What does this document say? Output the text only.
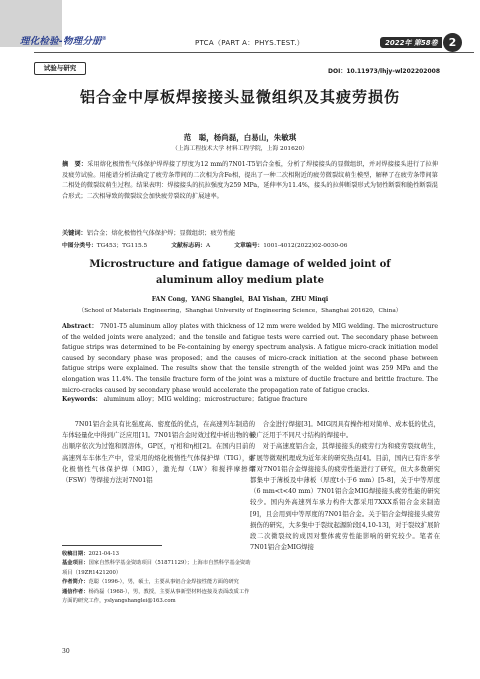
理化检验-物理分册®
PTCA（PART A：PHYS.TEST.）	2022年 第58卷	2
试验与研究	DOI：10.11973/lhjy-wl202202008
铝合金中厚板焊接接头显微组织及其疲劳损伤
范　聪，杨尚磊，白易山，朱敏琪
（上海工程技术大学 材料工程学院，上海 201620）
摘　要：采用熔化极惰性气体保护焊焊接了厚度为12 mm的7N01-T5铝合金板，分析了焊接接头的显微组织，并对焊接接头进行了拉伸及疲劳试验。用能谱分析法确定了疲劳条带间的二次相为含Fe相，提出了一种二次相附近的疲劳微裂纹萌生模型，解释了在疲劳条带间第二相处的微裂纹萌生过程。结果表明：焊接接头的抗拉强度为259 MPa，延伸率为11.4%，接头的拉伸断裂形式为韧性断裂和脆性断裂混合形式；二次相导致的微裂纹会加快疲劳裂纹的扩展速率。
关键词：铝合金；熔化极惰性气体保护焊；显微组织；疲劳性能
中图分类号：TG453；TG115.5	文献标志码：A	文章编号：1001-4012(2022)02-0030-06
Microstructure and fatigue damage of welded joint of aluminum alloy medium plate
FAN Cong，YANG Shanglei，BAI Yishan，ZHU Minqi
（School of Materials Engineering，Shanghai University of Engineering Science，Shanghai 201620，China）
Abstract： 7N01-T5 aluminum alloy plates with thickness of 12 mm were welded by MIG welding. The microstructure of the welded joints were analyzed；and the tensile and fatigue tests were carried out. The secondary phase between fatigue strips was determined to be Fe-containing by energy spectrum analysis. A fatigue micro-crack initiation model caused by secondary phase was proposed；and the causes of micro-crack initiation at the second phase between fatigue strips were explained. The results show that the tensile strength of the welded joint was 259 MPa and the elongation was 11.4%. The tensile fracture form of the joint was a mixture of ductile fracture and brittle fracture. The micro-cracks caused by secondary phase would accelerate the propagation rate of fatigue cracks.
Keywords： aluminum alloy；MIG welding；microstructure；fatigue fracture

7N01铝合金具有比强度高、密度低的优点，在高速列车制造的车体轻量化中得到广泛应用[1]。7N01铝合金时效过程中析出物的析出顺序依次为过饱和固溶体，GP区，η'相和η相[2]。在国内目前的高速列车车体生产中，常采用的熔化极惰性气体保护焊（TIG），熔化极惰性气体保护焊（MIG），激光焊（LW）和搅拌摩擦焊（FSW）等焊接方法对7N01铝

合金进行焊接[3]。MIG因具有操作相对简单、成本低的优点，被广泛用于不同尺寸结构的焊接中。

对于高速度铝合金，其焊接接头的疲劳行为和疲劳裂纹萌生，扩展等微观机理成为近年来的研究热点[4]。目前，国内已有许多学者对7N01铝合金焊接接头的疲劳性能进行了研究，但大多数研究都集中于薄板及中薄板（厚度t小于6 mm）[5-8]，关于中等厚度（6 mm<t<40 mm）7N01铝合金MIG焊接接头疲劳性能的研究较少。国内外高速列车承力构件大都采用7XXX系铝合金来制造[9]，且会用到中等厚度的7N01铝合金。关于铝合金焊接接头疲劳损伤的研究，大多集中于裂纹起源阶段[4,10-13]，对于裂纹扩展阶段二次微裂纹的成因对整体疲劳性能影响的研究较少。笔者在7N01铝合金MIG焊接

收稿日期：2021-04-13
基金项目：国家自然科学基金资助项目（51871129）；上海市自然科学基金资助项目（19ZR1421200）
作者简介：范聪（1996-），男，硕士，主要从事铝合金焊接性能方面的研究
通信作者：杨尚磊（1968-），男，教授，主要从事新型材料连接及表面改质工作方面的研究工作，yslyangshanglei@163.com
30
